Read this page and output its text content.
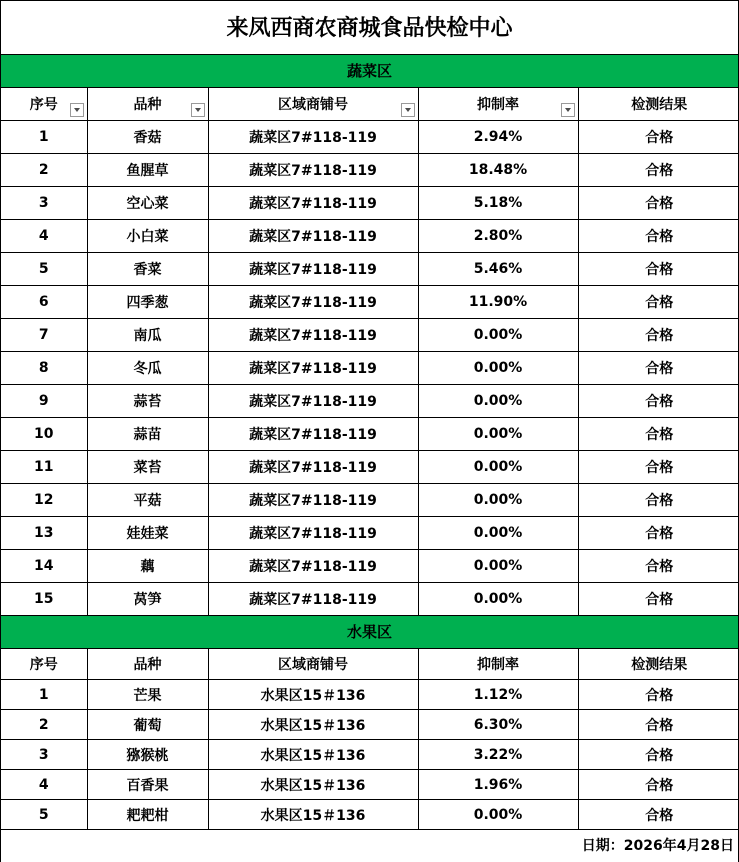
来凤西商农商城食品快检中心
蔬菜区
序号	品种	区域商铺号	抑制率	检测结果
1	香菇	蔬菜区7#118-119	2.94%	合格
2	鱼腥草	蔬菜区7#118-119	18.48%	合格
3	空心菜	蔬菜区7#118-119	5.18%	合格
4	小白菜	蔬菜区7#118-119	2.80%	合格
5	香菜	蔬菜区7#118-119	5.46%	合格
6	四季葱	蔬菜区7#118-119	11.90%	合格
7	南瓜	蔬菜区7#118-119	0.00%	合格
8	冬瓜	蔬菜区7#118-119	0.00%	合格
9	蒜苔	蔬菜区7#118-119	0.00%	合格
10	蒜苗	蔬菜区7#118-119	0.00%	合格
11	菜苔	蔬菜区7#118-119	0.00%	合格
12	平菇	蔬菜区7#118-119	0.00%	合格
13	娃娃菜	蔬菜区7#118-119	0.00%	合格
14	藕	蔬菜区7#118-119	0.00%	合格
15	莴笋	蔬菜区7#118-119	0.00%	合格
水果区
序号	品种	区域商铺号	抑制率	检测结果
1	芒果	水果区15＃136	1.12%	合格
2	葡萄	水果区15＃136	6.30%	合格
3	猕猴桃	水果区15＃136	3.22%	合格
4	百香果	水果区15＃136	1.96%	合格
5	耙耙柑	水果区15＃136	0.00%	合格
日期：2026年4月28日
